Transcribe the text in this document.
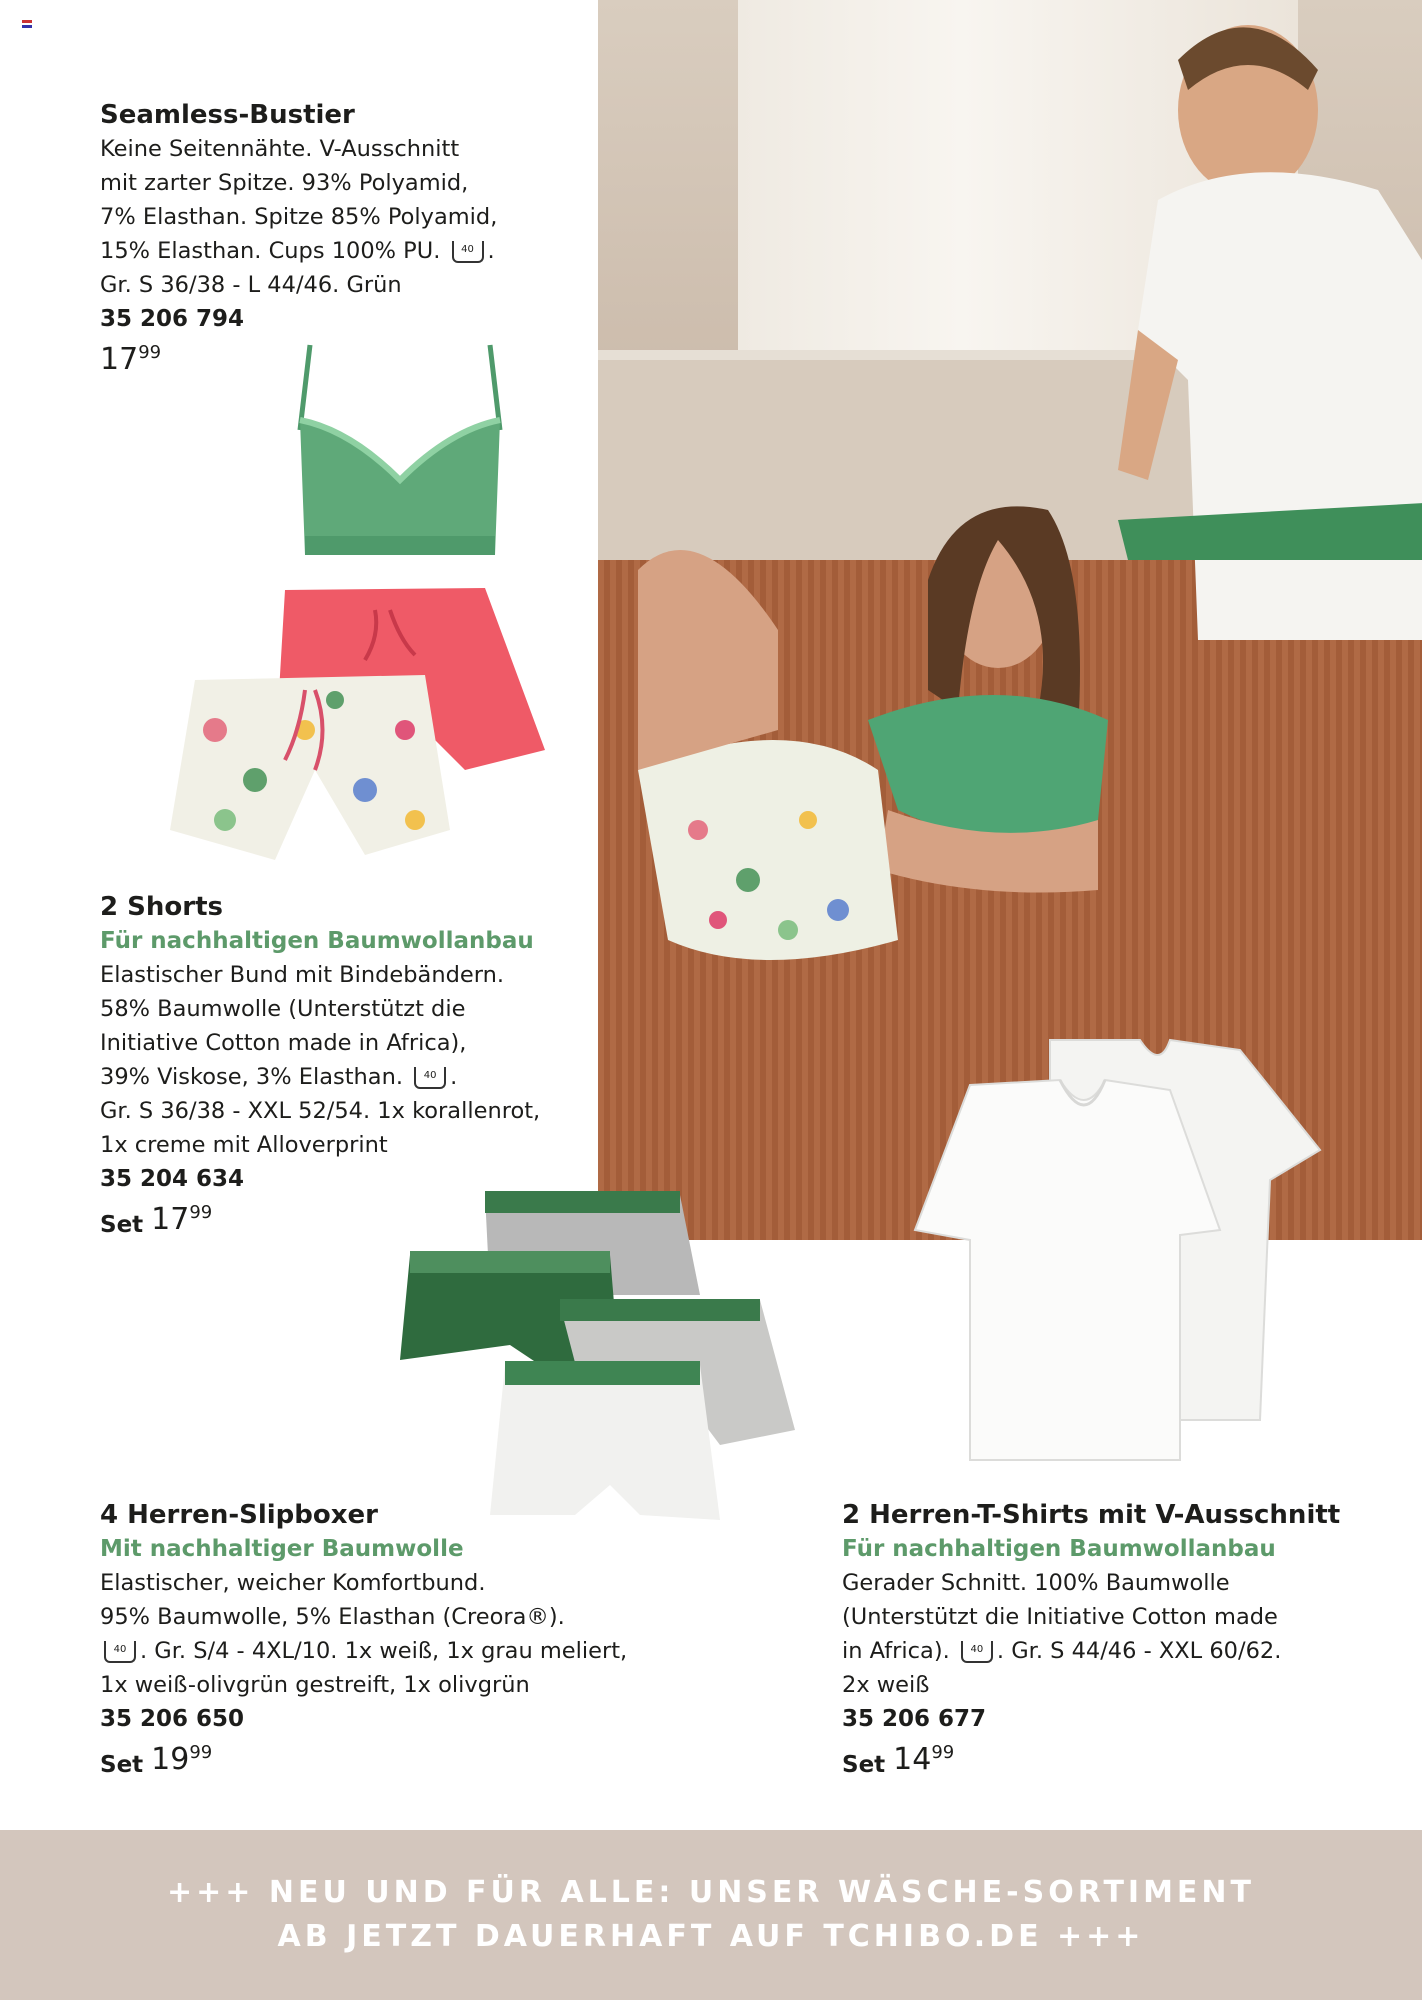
Seamless-Bustier

Keine Seitennähte. V-Ausschnitt

mit zarter Spitze. 93% Polyamid,

7% Elasthan. Spitze 85% Polyamid,

15% Elasthan. Cups 100% PU. 40 .

Gr. S 36/38 - L 44/46. Grün

35 206 794

17 99

2 Shorts

Für nachhaltigen Baumwollanbau

Elastischer Bund mit Bindebändern.

58% Baumwolle (Unterstützt die

Initiative Cotton made in Africa),

39% Viskose, 3% Elasthan. 40 .

Gr. S 36/38 - XXL 52/54. 1x korallenrot,

1x creme mit Alloverprint

35 204 634

Set 17 99

4 Herren-Slipboxer

Mit nachhaltiger Baumwolle

Elastischer, weicher Komfortbund.

95% Baumwolle, 5% Elasthan (Creora®).

40 . Gr. S/4 - 4XL/10. 1x weiß, 1x grau meliert,

1x weiß-olivgrün gestreift, 1x olivgrün

35 206 650

Set 19 99

2 Herren-T-Shirts mit V-Ausschnitt

Für nachhaltigen Baumwollanbau

Gerader Schnitt. 100% Baumwolle

(Unterstützt die Initiative Cotton made

in Africa). 40 . Gr. S 44/46 - XXL 60/62.

2x weiß

35 206 677

Set 14 99

+++ NEU UND FÜR ALLE: UNSER WÄSCHE-SORTIMENT

AB JETZT DAUERHAFT AUF TCHIBO.DE +++
